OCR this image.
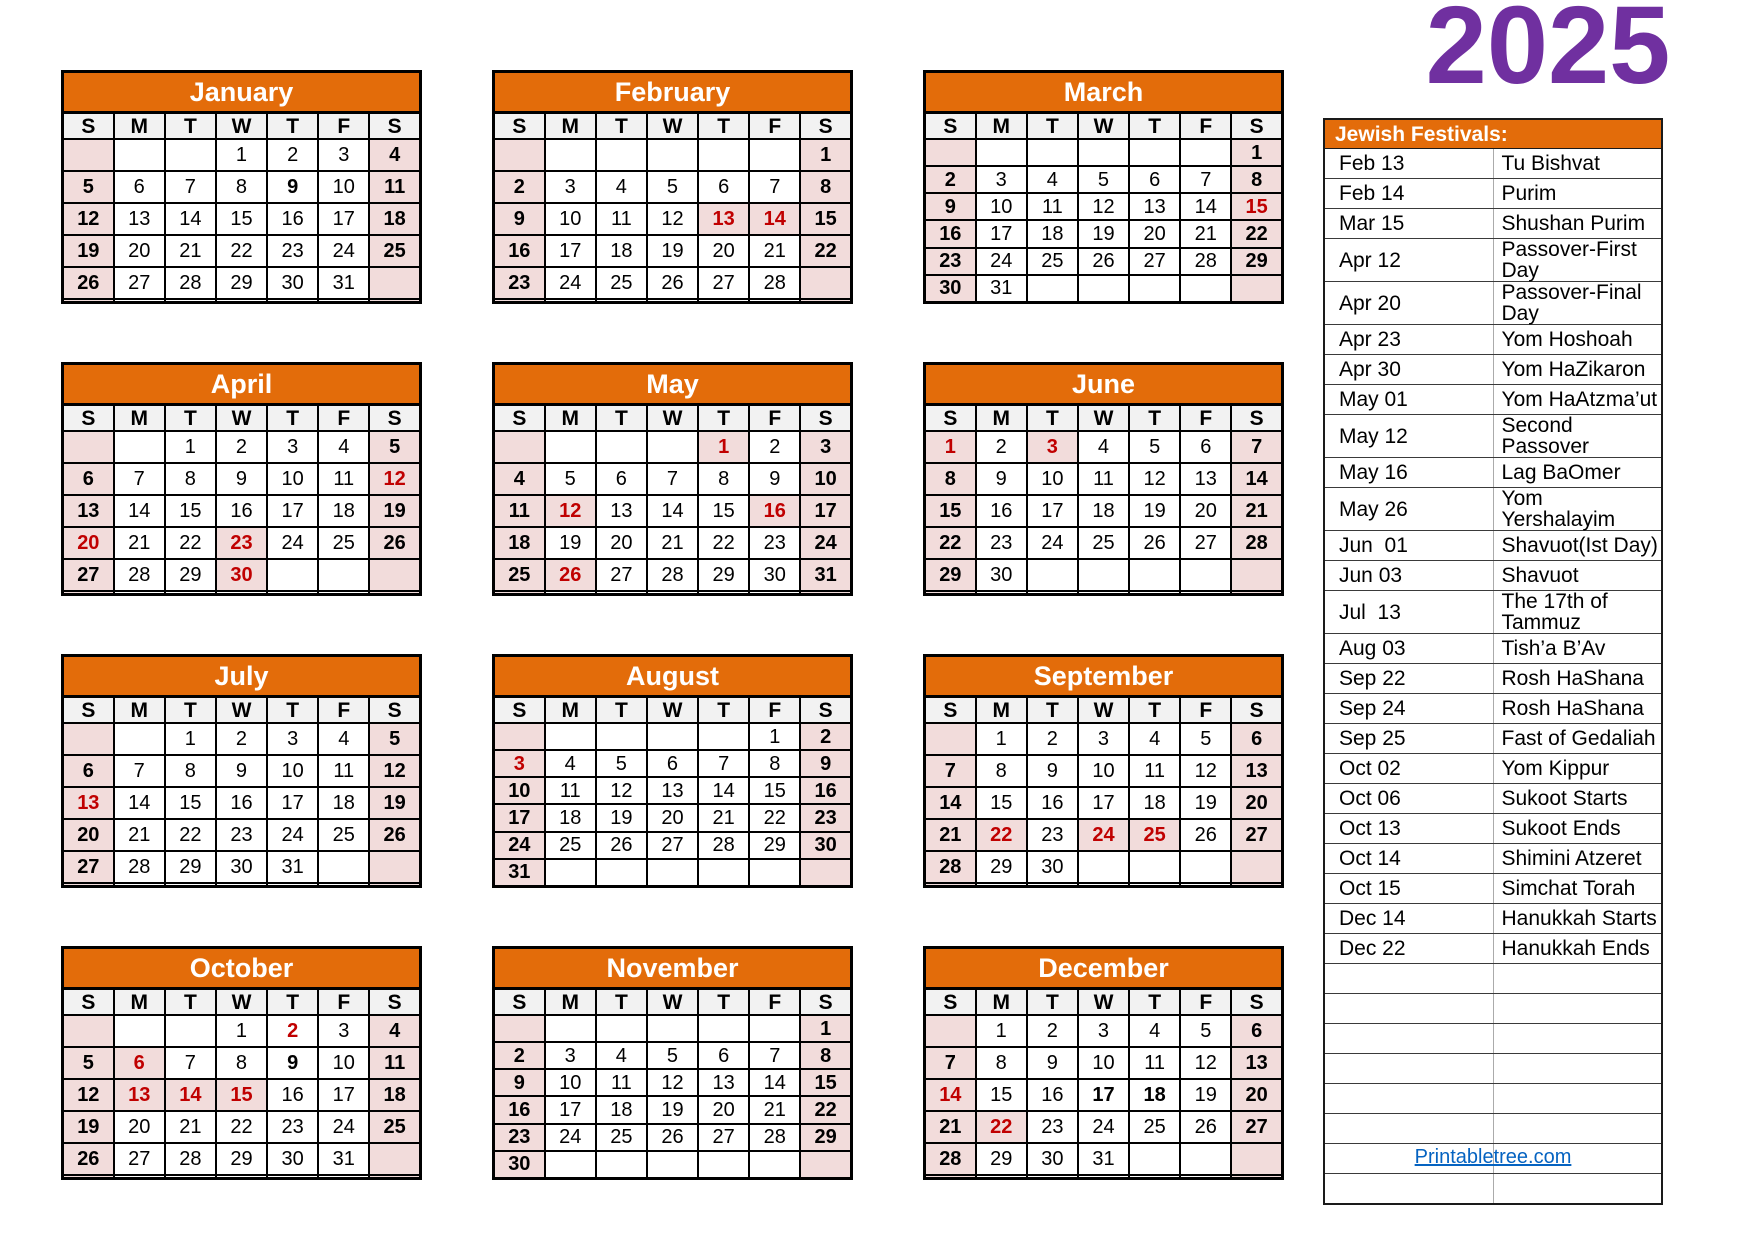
2025
January						
S	M	T	W	T	F	S
			1	2	3	4
5	6	7	8	9	10	11
12	13	14	15	16	17	18
19	20	21	22	23	24	25
26	27	28	29	30	31	

February						
S	M	T	W	T	F	S
						1
2	3	4	5	6	7	8
9	10	11	12	13	14	15
16	17	18	19	20	21	22
23	24	25	26	27	28	

March						
S	M	T	W	T	F	S
						1
2	3	4	5	6	7	8
9	10	11	12	13	14	15
16	17	18	19	20	21	22
23	24	25	26	27	28	29
30	31					
April						
S	M	T	W	T	F	S
		1	2	3	4	5
6	7	8	9	10	11	12
13	14	15	16	17	18	19
20	21	22	23	24	25	26
27	28	29	30			

May						
S	M	T	W	T	F	S
				1	2	3
4	5	6	7	8	9	10
11	12	13	14	15	16	17
18	19	20	21	22	23	24
25	26	27	28	29	30	31

June						
S	M	T	W	T	F	S
1	2	3	4	5	6	7
8	9	10	11	12	13	14
15	16	17	18	19	20	21
22	23	24	25	26	27	28
29	30					

July						
S	M	T	W	T	F	S
		1	2	3	4	5
6	7	8	9	10	11	12
13	14	15	16	17	18	19
20	21	22	23	24	25	26
27	28	29	30	31		

August						
S	M	T	W	T	F	S
					1	2
3	4	5	6	7	8	9
10	11	12	13	14	15	16
17	18	19	20	21	22	23
24	25	26	27	28	29	30
31						
September						
S	M	T	W	T	F	S
	1	2	3	4	5	6
7	8	9	10	11	12	13
14	15	16	17	18	19	20
21	22	23	24	25	26	27
28	29	30				

October						
S	M	T	W	T	F	S
			1	2	3	4
5	6	7	8	9	10	11
12	13	14	15	16	17	18
19	20	21	22	23	24	25
26	27	28	29	30	31	

November						
S	M	T	W	T	F	S
						1
2	3	4	5	6	7	8
9	10	11	12	13	14	15
16	17	18	19	20	21	22
23	24	25	26	27	28	29
30						
December						
S	M	T	W	T	F	S
	1	2	3	4	5	6
7	8	9	10	11	12	13
14	15	16	17	18	19	20
21	22	23	24	25	26	27
28	29	30	31			

Jewish Festivals:	
Feb 13	Tu Bishvat
Feb 14	Purim
Mar 15	Shushan Purim
Apr 12	Passover-First Day
Apr 20	Passover-Final Day
Apr 23	Yom Hoshoah
Apr 30	Yom HaZikaron
May 01	Yom HaAtzma’ut
May 12	Second Passover
May 16	Lag BaOmer
May 26	Yom Yershalayim
Jun  01	Shavuot(Ist Day)
Jun 03	Shavuot
Jul  13	The 17th of Tammuz
Aug 03	Tish’a B’Av
Sep 22	Rosh HaShana
Sep 24	Rosh HaShana
Sep 25	Fast of Gedaliah
Oct 02	Yom Kippur
Oct 06	Sukoot Starts
Oct 13	Sukoot Ends
Oct 14	Shimini Atzeret
Oct 15	Simchat Torah
Dec 14	Hanukkah Starts
Dec 22	Hanukkah Ends

Printabletree.com
